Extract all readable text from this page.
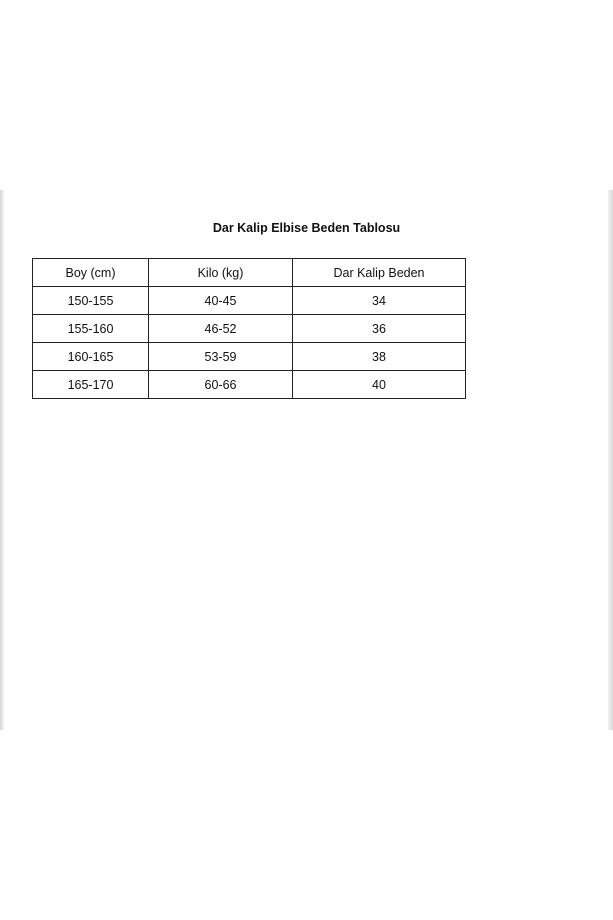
Dar Kalip Elbise Beden Tablosu
Boy (cm)	Kilo (kg)	Dar Kalip Beden
150-155	40-45	34
155-160	46-52	36
160-165	53-59	38
165-170	60-66	40
